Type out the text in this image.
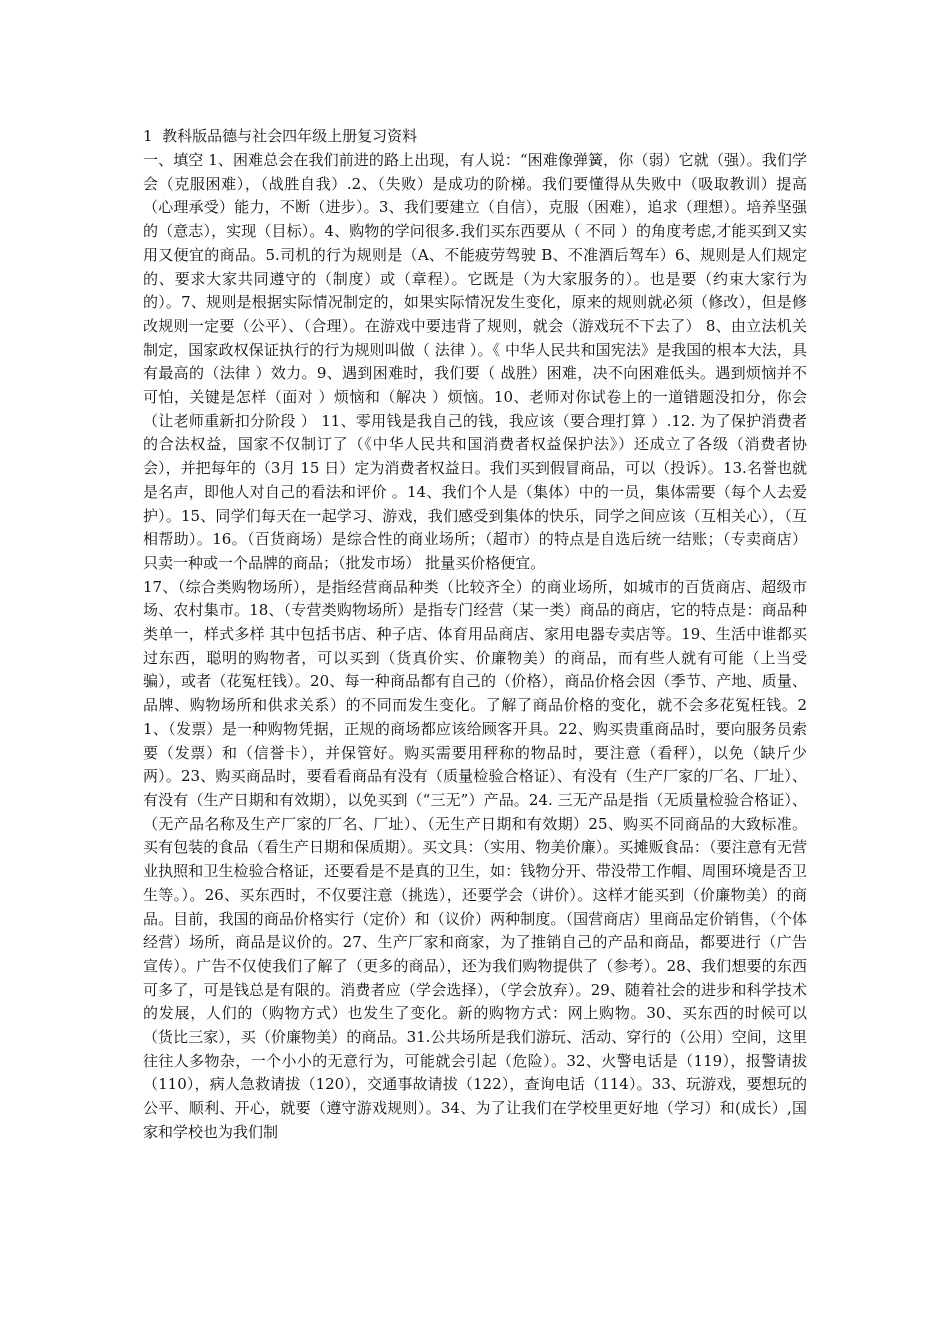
1  教科版品德与社会四年级上册复习资料

一、填空 1、困难总会在我们前进的路上出现，有人说：“困难像弹簧，你（弱）它就（强）。我们学会（克服困难），（战胜自我）.2、（失败）是成功的阶梯。我们要懂得从失败中（吸取教训）提高（心理承受）能力，不断（进步）。3、我们要建立（自信），克服（困难），追求（理想）。培养坚强的（意志），实现（目标）。4、购物的学问很多.我们买东西要从（ 不同 ）的角度考虑,才能买到又实用又便宜的商品。5.司机的行为规则是（A、不能疲劳驾驶 B、不准酒后驾车）6、规则是人们规定的、要求大家共同遵守的（制度）或（章程）。它既是（为大家服务的）。也是要（约束大家行为的）。7、规则是根据实际情况制定的，如果实际情况发生变化，原来的规则就必须（修改），但是修改规则一定要（公平）、（合理）。在游戏中要违背了规则，就会（游戏玩不下去了） 8、由立法机关制定，国家政权保证执行的行为规则叫做（ 法律 ）。《 中华人民共和国宪法》是我国的根本大法，具有最高的（法律 ）效力。9、遇到困难时，我们要（ 战胜）困难，决不向困难低头。遇到烦恼并不可怕，关键是怎样（面对 ）烦恼和（解决 ）烦恼。10、老师对你试卷上的一道错题没扣分，你会（让老师重新扣分阶段 ） 11、零用钱是我自己的钱，我应该（要合理打算 ）.12. 为了保护消费者的合法权益，国家不仅制订了（《中华人民共和国消费者权益保护法》）还成立了各级（消费者协会），并把每年的（3月 15 日）定为消费者权益日。我们买到假冒商品，可以（投诉）。13.名誉也就是名声，即他人对自己的看法和评价 。14、我们个人是（集体）中的一员，集体需要（每个人去爱护）。15、同学们每天在一起学习、游戏，我们感受到集体的快乐，同学之间应该（互相关心），（互相帮助）。16。（百货商场）是综合性的商业场所；（超市）的特点是自选后统一结账；（专卖商店）只卖一种或一个品牌的商品；（批发市场） 批量买价格便宜。

17、（综合类购物场所），是指经营商品种类（比较齐全）的商业场所，如城市的百货商店、超级市场、农村集市。18、（专营类购物场所）是指专门经营（某一类）商品的商店，它的特点是：商品种类单一，样式多样 其中包括书店、种子店、体育用品商店、家用电器专卖店等。19、生活中谁都买过东西，聪明的购物者，可以买到（货真价实、价廉物美）的商品，而有些人就有可能（上当受骗），或者（花冤枉钱）。20、每一种商品都有自己的（价格），商品价格会因（季节、产地、质量、品牌、购物场所和供求关系）的不同而发生变化。了解了商品价格的变化，就不会多花冤枉钱。21、（发票）是一种购物凭据，正规的商场都应该给顾客开具。22、购买贵重商品时，要向服务员索要（发票）和（信誉卡），并保管好。购买需要用秤称的物品时，要注意（看秤），以免（缺斤少两）。23、购买商品时，要看看商品有没有（质量检验合格证）、有没有（生产厂家的厂名、厂址）、有没有（生产日期和有效期），以免买到（“三无”）产品。24. 三无产品是指（无质量检验合格证）、（无产品名称及生产厂家的厂名、厂址）、（无生产日期和有效期）25、购买不同商品的大致标准。买有包装的食品（看生产日期和保质期）。买文具：（实用、物美价廉）。买摊贩食品：（要注意有无营业执照和卫生检验合格证，还要看是不是真的卫生，如：钱物分开、带没带工作帽、周围环境是否卫生等。）。26、买东西时，不仅要注意（挑选），还要学会（讲价）。这样才能买到（价廉物美）的商品。目前，我国的商品价格实行（定价）和（议价）两种制度。（国营商店）里商品定价销售，（个体经营）场所，商品是议价的。27、生产厂家和商家，为了推销自己的产品和商品，都要进行（广告宣传）。广告不仅使我们了解了（更多的商品），还为我们购物提供了（参考）。28、我们想要的东西可多了，可是钱总是有限的。消费者应（学会选择），（学会放弃）。29、随着社会的进步和科学技术的发展，人们的（购物方式）也发生了变化。新的购物方式：网上购物。30、买东西的时候可以（货比三家），买（价廉物美）的商品。31.公共场所是我们游玩、活动、穿行的（公用）空间，这里往往人多物杂，一个小小的无意行为，可能就会引起（危险）。32、火警电话是（119），报警请拔（110），病人急救请拔（120），交通事故请拔（122），查询电话（114）。33、玩游戏，要想玩的公平、顺利、开心，就要（遵守游戏规则）。34、为了让我们在学校里更好地（学习）和(成长）,国家和学校也为我们制
